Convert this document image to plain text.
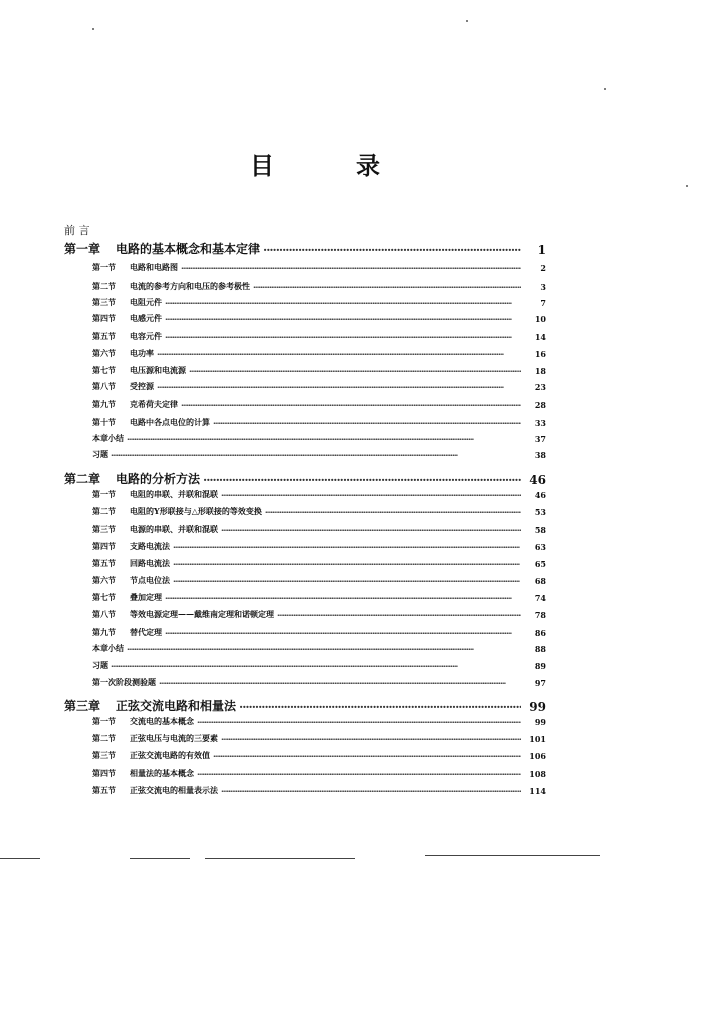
目	录
前 言
第一章	电路的基本概念和基本定律 ·····	1
第一节	电路和电路图 ·····	2
第二节	电流的参考方向和电压的参考极性 ·····	3
第三节	电阻元件 ·····	7
第四节	电感元件 ·····	10
第五节	电容元件 ·····	14
第六节	电功率 ·····	16
第七节	电压源和电流源 ·····	18
第八节	受控源 ·····	23
第九节	克希荷夫定律 ·····	28
第十节	电路中各点电位的计算 ·····	33
本章小结 ·····	37
习题 ·····	38
第二章	电路的分析方法 ·····	46
第一节	电阻的串联、并联和混联 ·····	46
第二节	电阻的Y形联接与△形联接的等效变换 ·····	53
第三节	电源的串联、并联和混联 ·····	58
第四节	支路电流法 ·····	63
第五节	回路电流法 ·····	65
第六节	节点电位法 ·····	68
第七节	叠加定理 ·····	74
第八节	等效电源定理——戴维南定理和诺顿定理 ·····	78
第九节	替代定理 ·····	86
本章小结 ·····	88
习题 ·····	89
第一次阶段测验题 ·····	97
第三章	正弦交流电路和相量法 ·····	99
第一节	交流电的基本概念 ·····	99
第二节	正弦电压与电流的三要素 ·····	101
第三节	正弦交流电路的有效值 ·····	106
第四节	相量法的基本概念 ·····	108
第五节	正弦交流电的相量表示法 ·····	114
